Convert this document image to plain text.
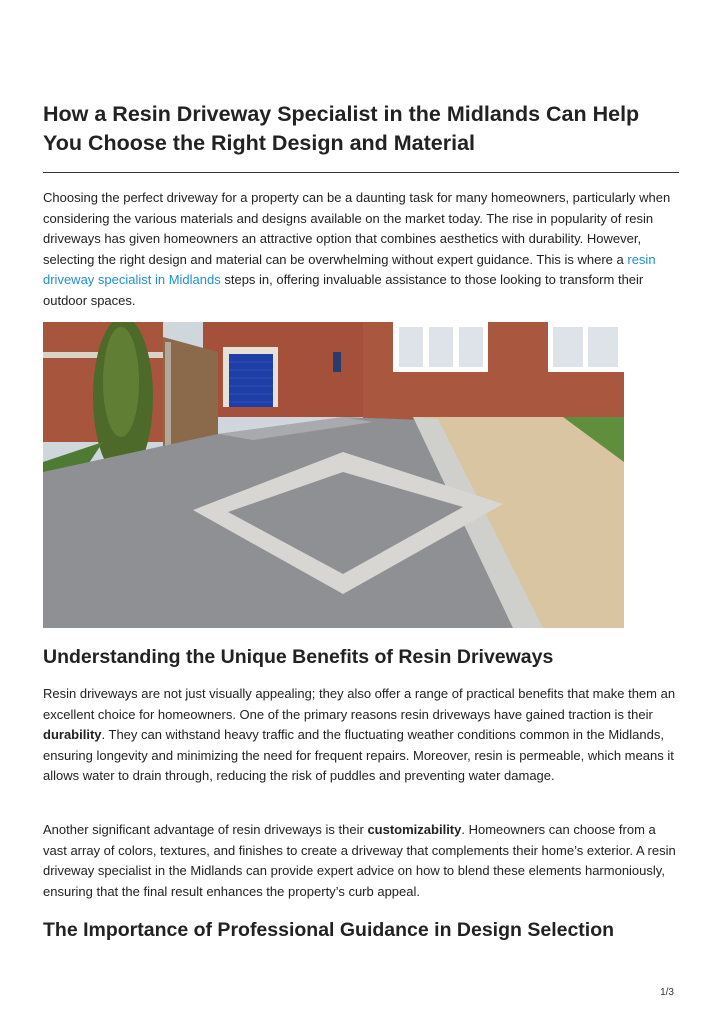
How a Resin Driveway Specialist in the Midlands Can Help You Choose the Right Design and Material

Choosing the perfect driveway for a property can be a daunting task for many homeowners, particularly when considering the various materials and designs available on the market today. The rise in popularity of resin driveways has given homeowners an attractive option that combines aesthetics with durability. However, selecting the right design and material can be overwhelming without expert guidance. This is where a resin driveway specialist in Midlands steps in, offering invaluable assistance to those looking to transform their outdoor spaces.

Understanding the Unique Benefits of Resin Driveways

Resin driveways are not just visually appealing; they also offer a range of practical benefits that make them an excellent choice for homeowners. One of the primary reasons resin driveways have gained traction is their durability. They can withstand heavy traffic and the fluctuating weather conditions common in the Midlands, ensuring longevity and minimizing the need for frequent repairs. Moreover, resin is permeable, which means it allows water to drain through, reducing the risk of puddles and preventing water damage.

Another significant advantage of resin driveways is their customizability. Homeowners can choose from a vast array of colors, textures, and finishes to create a driveway that complements their home’s exterior. A resin driveway specialist in the Midlands can provide expert advice on how to blend these elements harmoniously, ensuring that the final result enhances the property’s curb appeal.

The Importance of Professional Guidance in Design Selection
1/3
